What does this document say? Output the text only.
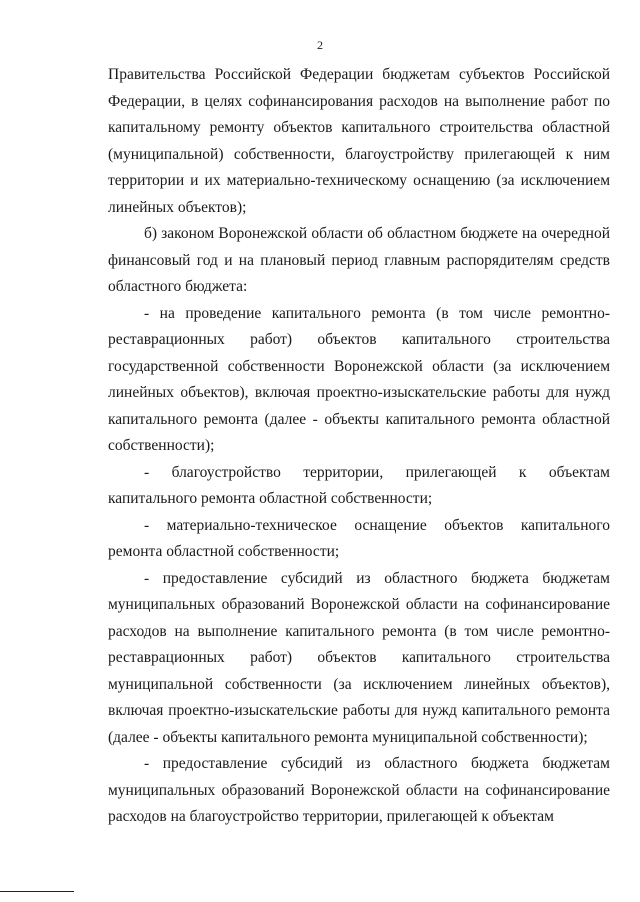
2

Правительства Российской Федерации бюджетам субъектов Российской Федерации, в целях софинансирования расходов на выполнение работ по капитальному ремонту объектов капитального строительства областной (муниципальной) собственности, благоустройству прилегающей к ним территории и их материально-техническому оснащению (за исключением линейных объектов);

б) законом Воронежской области об областном бюджете на очередной финансовый год и на плановый период главным распорядителям средств областного бюджета:

- на проведение капитального ремонта (в том числе ремонтно-реставрационных работ) объектов капитального строительства государственной собственности Воронежской области (за исключением линейных объектов), включая проектно-изыскательские работы для нужд капитального ремонта (далее - объекты капитального ремонта областной собственности);

- благоустройство территории, прилегающей к объектам капитального ремонта областной собственности;

- материально-техническое оснащение объектов капитального ремонта областной собственности;

- предоставление субсидий из областного бюджета бюджетам муниципальных образований Воронежской области на софинансирование расходов на выполнение капитального ремонта (в том числе ремонтно-реставрационных работ) объектов капитального строительства муниципальной собственности (за исключением линейных объектов), включая проектно-изыскательские работы для нужд капитального ремонта (далее - объекты капитального ремонта муниципальной собственности);

- предоставление субсидий из областного бюджета бюджетам муниципальных образований Воронежской области на софинансирование расходов на благоустройство территории, прилегающей к объектам
